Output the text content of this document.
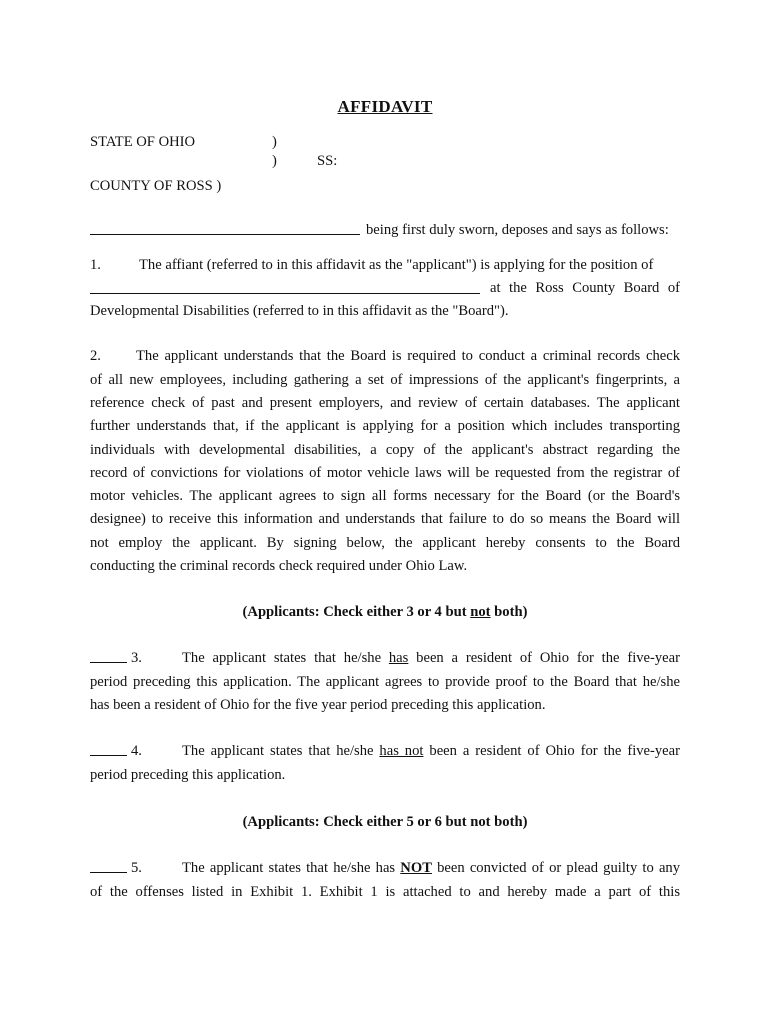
AFFIDAVIT
STATE OF OHIO	)
)	SS:
COUNTY OF ROSS )
being first duly sworn, deposes and says as follows:
1.	The affiant (referred to in this affidavit as the "applicant") is applying for the position of
at the Ross County Board of
Developmental Disabilities (referred to in this affidavit as the "Board").
2. The applicant understands that the Board is required to conduct a criminal records check
of all new employees, including gathering a set of impressions of the applicant's fingerprints, a
reference check of past and present employers, and review of certain databases. The applicant
further understands that, if the applicant is applying for a position which includes transporting
individuals with developmental disabilities, a copy of the applicant's abstract regarding the
record of convictions for violations of motor vehicle laws will be requested from the registrar of
motor vehicles. The applicant agrees to sign all forms necessary for the Board (or the Board's
designee) to receive this information and understands that failure to do so means the Board will
not employ the applicant. By signing below, the applicant hereby consents to the Board
conducting the criminal records check required under Ohio Law.
(Applicants: Check either 3 or 4 but not both)
3.	The applicant states that he/she has been a resident of Ohio for the five-year
period preceding this application. The applicant agrees to provide proof to the Board that he/she
has been a resident of Ohio for the five year period preceding this application.
4.	The applicant states that he/she has not been a resident of Ohio for the five-year
period preceding this application.
(Applicants: Check either 5 or 6 but not both)
5.	The applicant states that he/she has NOT been convicted of or plead guilty to any
of the offenses listed in Exhibit 1. Exhibit 1 is attached to and hereby made a part of this
